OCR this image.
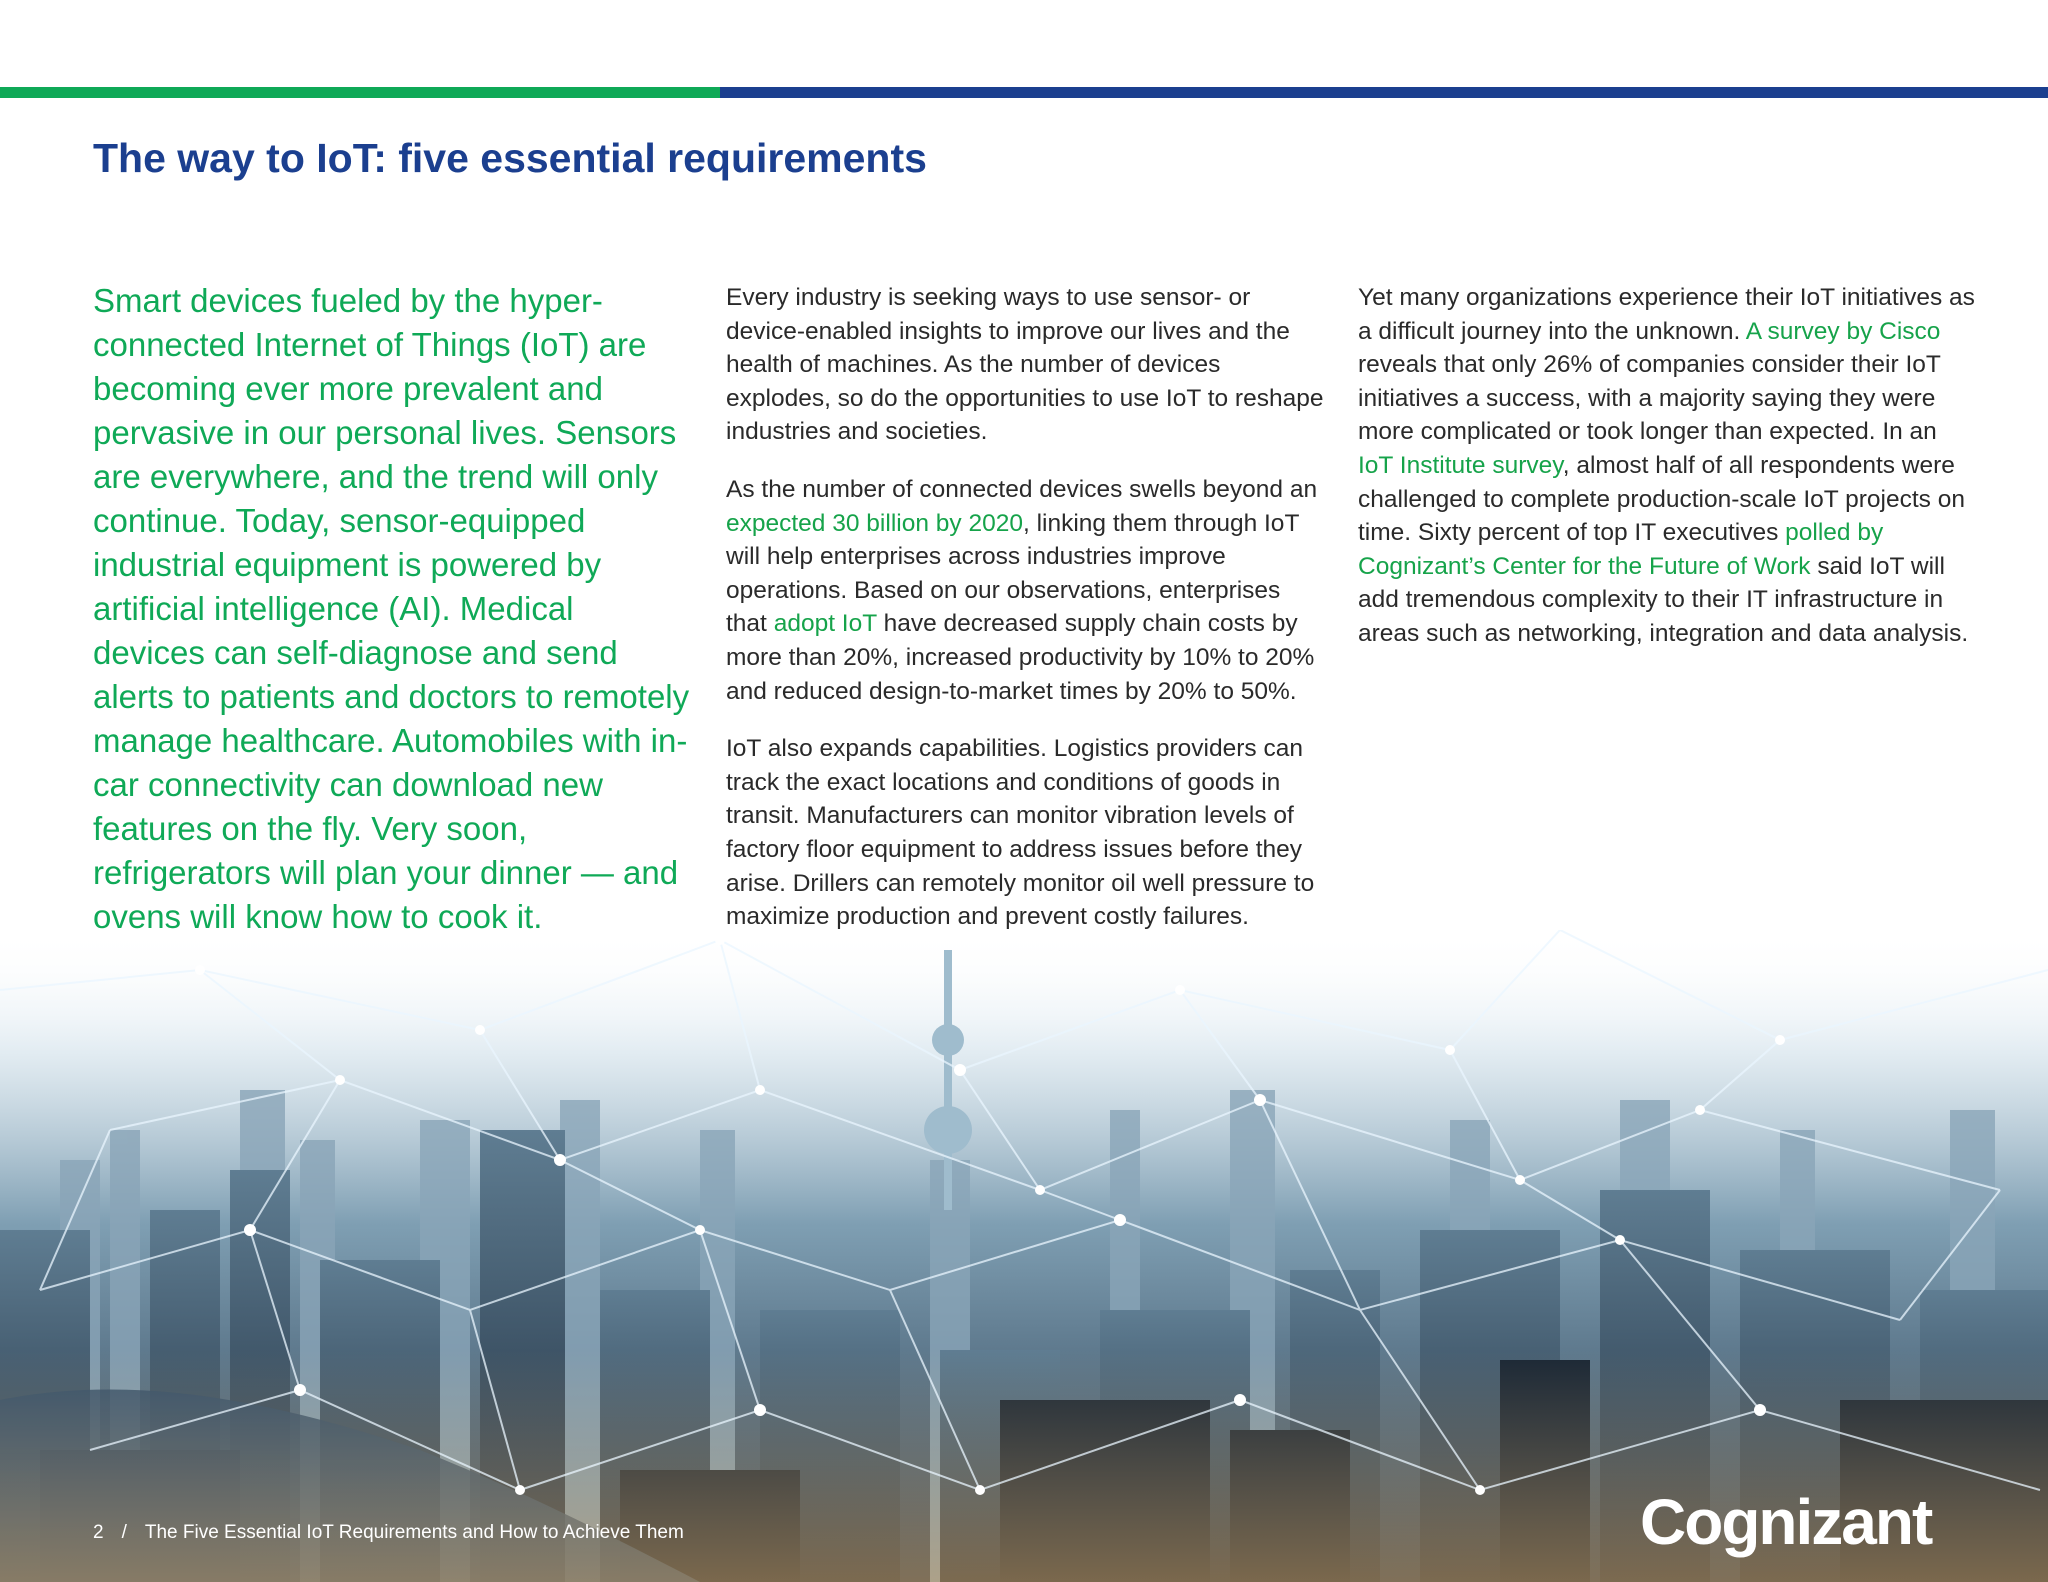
The way to IoT: five essential requirements

Smart devices fueled by the hyper-connected Internet of Things (IoT) are becoming ever more prevalent and pervasive in our personal lives. Sensors are everywhere, and the trend will only continue. Today, sensor-equipped industrial equipment is powered by artificial intelligence (AI). Medical devices can self-diagnose and send alerts to patients and doctors to remotely manage healthcare. Automobiles with in-car connectivity can download new features on the fly. Very soon, refrigerators will plan your dinner — and ovens will know how to cook it.

Every industry is seeking ways to use sensor- or device-enabled insights to improve our lives and the health of machines. As the number of devices explodes, so do the opportunities to use IoT to reshape industries and societies.

As the number of connected devices swells beyond an expected 30 billion by 2020, linking them through IoT will help enterprises across industries improve operations. Based on our observations, enterprises that adopt IoT have decreased supply chain costs by more than 20%, increased productivity by 10% to 20% and reduced design-to-market times by 20% to 50%.

IoT also expands capabilities. Logistics providers can track the exact locations and conditions of goods in transit. Manufacturers can monitor vibration levels of factory floor equipment to address issues before they arise. Drillers can remotely monitor oil well pressure to maximize production and prevent costly failures.

Yet many organizations experience their IoT initiatives as a difficult journey into the unknown. A survey by Cisco reveals that only 26% of companies consider their IoT initiatives a success, with a majority saying they were more complicated or took longer than expected. In an IoT Institute survey, almost half of all respondents were challenged to complete production-scale IoT projects on time. Sixty percent of top IT executives polled by Cognizant’s Center for the Future of Work said IoT will add tremendous complexity to their IT infrastructure in areas such as networking, integration and data analysis.

2 / The Five Essential IoT Requirements and How to Achieve Them	Cognizant
